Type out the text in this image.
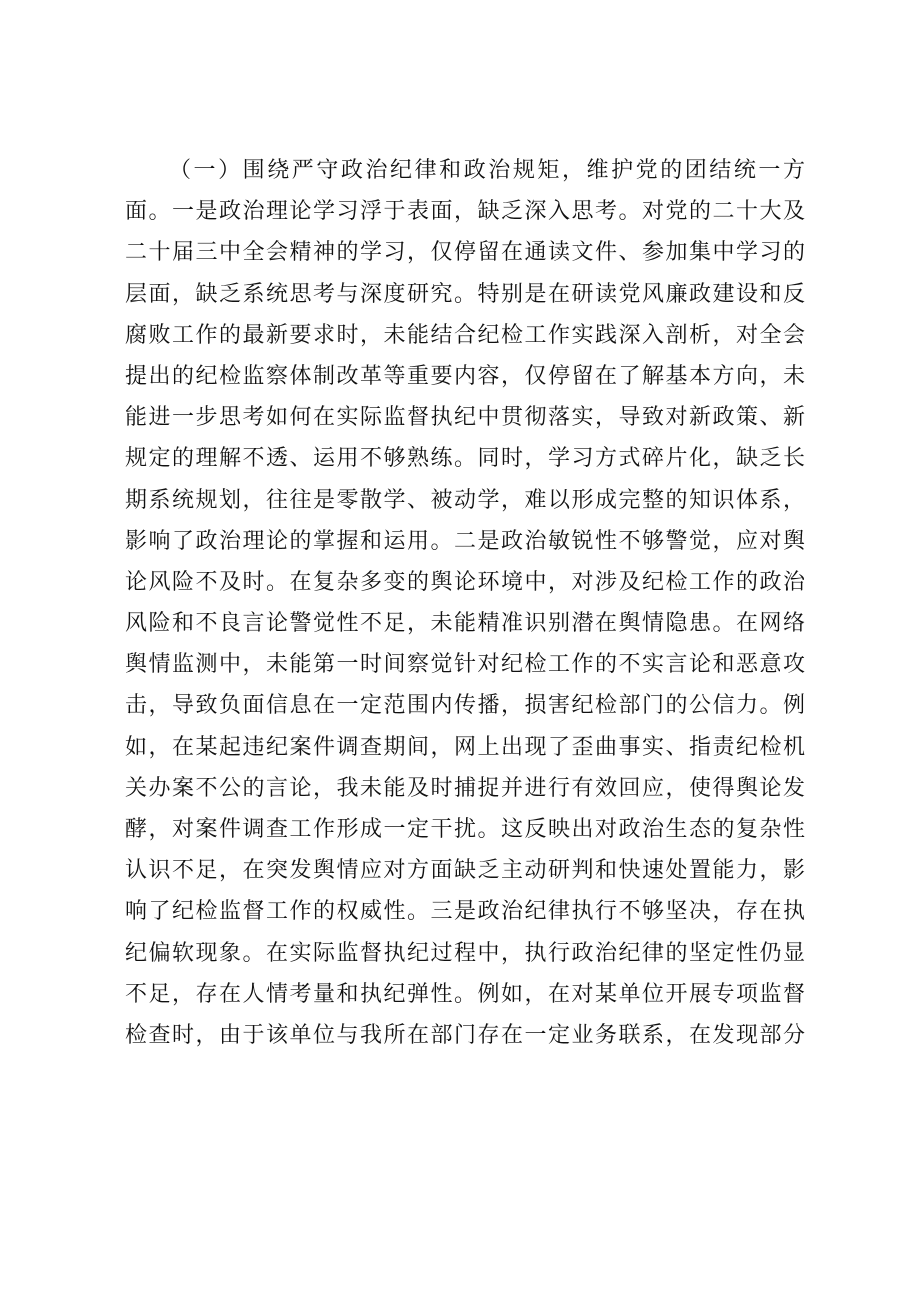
（一）围绕严守政治纪律和政治规矩，维护党的团结统一方
面。一是政治理论学习浮于表面，缺乏深入思考。对党的二十大及
二十届三中全会精神的学习，仅停留在通读文件、参加集中学习的
层面，缺乏系统思考与深度研究。特别是在研读党风廉政建设和反
腐败工作的最新要求时，未能结合纪检工作实践深入剖析，对全会
提出的纪检监察体制改革等重要内容，仅停留在了解基本方向，未
能进一步思考如何在实际监督执纪中贯彻落实，导致对新政策、新
规定的理解不透、运用不够熟练。同时，学习方式碎片化，缺乏长
期系统规划，往往是零散学、被动学，难以形成完整的知识体系，
影响了政治理论的掌握和运用。二是政治敏锐性不够警觉，应对舆
论风险不及时。在复杂多变的舆论环境中，对涉及纪检工作的政治
风险和不良言论警觉性不足，未能精准识别潜在舆情隐患。在网络
舆情监测中，未能第一时间察觉针对纪检工作的不实言论和恶意攻
击，导致负面信息在一定范围内传播，损害纪检部门的公信力。例
如，在某起违纪案件调查期间，网上出现了歪曲事实、指责纪检机
关办案不公的言论，我未能及时捕捉并进行有效回应，使得舆论发
酵，对案件调查工作形成一定干扰。这反映出对政治生态的复杂性
认识不足，在突发舆情应对方面缺乏主动研判和快速处置能力，影
响了纪检监督工作的权威性。三是政治纪律执行不够坚决，存在执
纪偏软现象。在实际监督执纪过程中，执行政治纪律的坚定性仍显
不足，存在人情考量和执纪弹性。例如，在对某单位开展专项监督
检查时，由于该单位与我所在部门存在一定业务联系，在发现部分
